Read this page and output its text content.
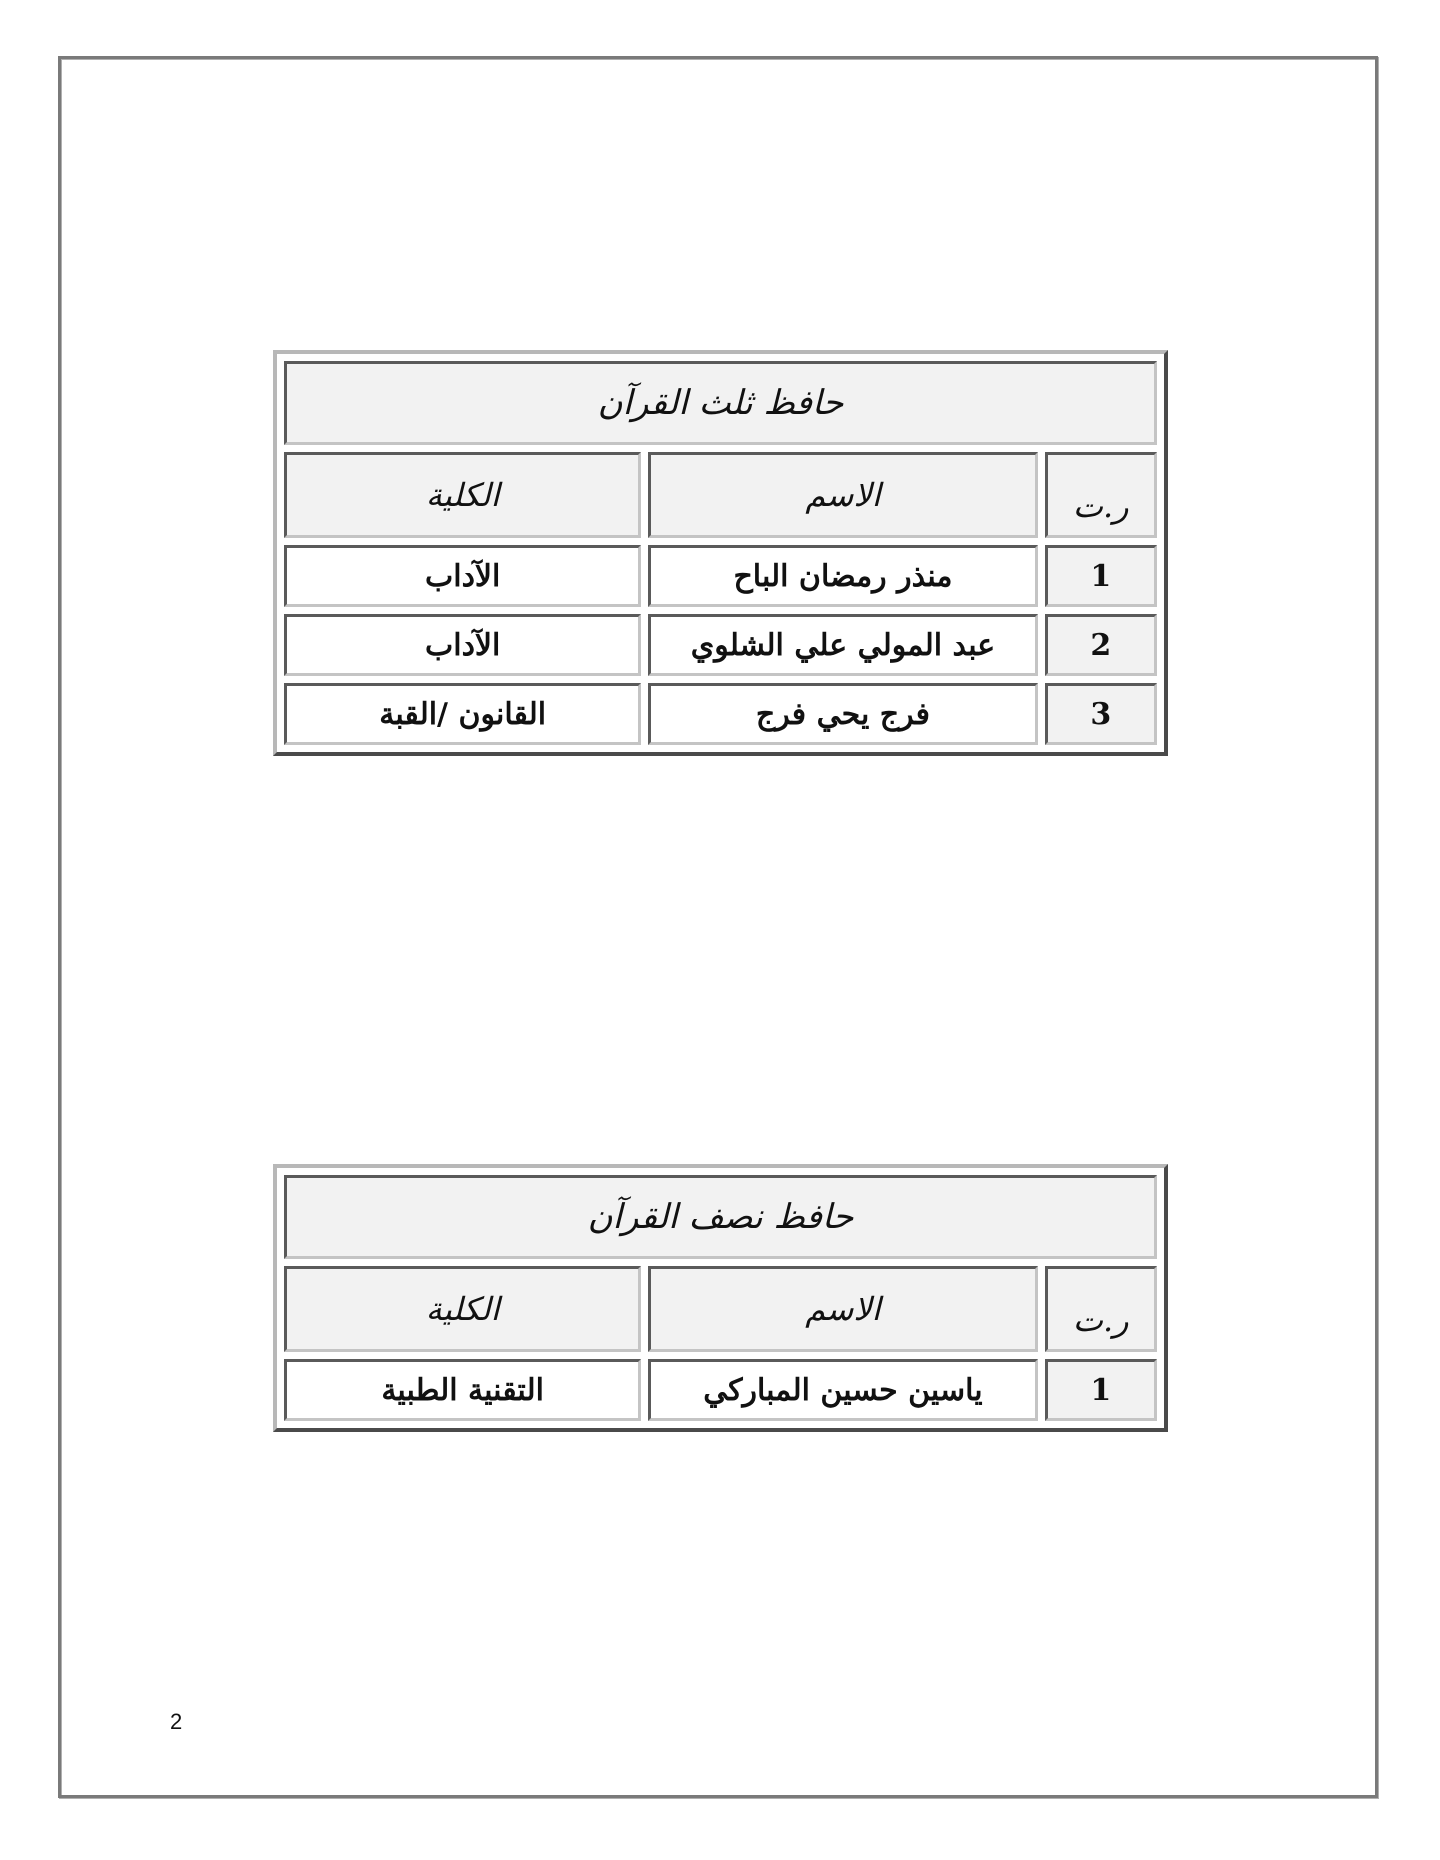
حافظ ثلث القرآن		
ر.ت	الاسم	الكلية
1	منذر رمضان الباح	الآداب
2	عبد المولي علي الشلوي	الآداب
3	فرج يحي فرج	القانون /القبة
حافظ نصف القرآن		
ر.ت	الاسم	الكلية
1	ياسين حسين المباركي	التقنية الطبية
2
